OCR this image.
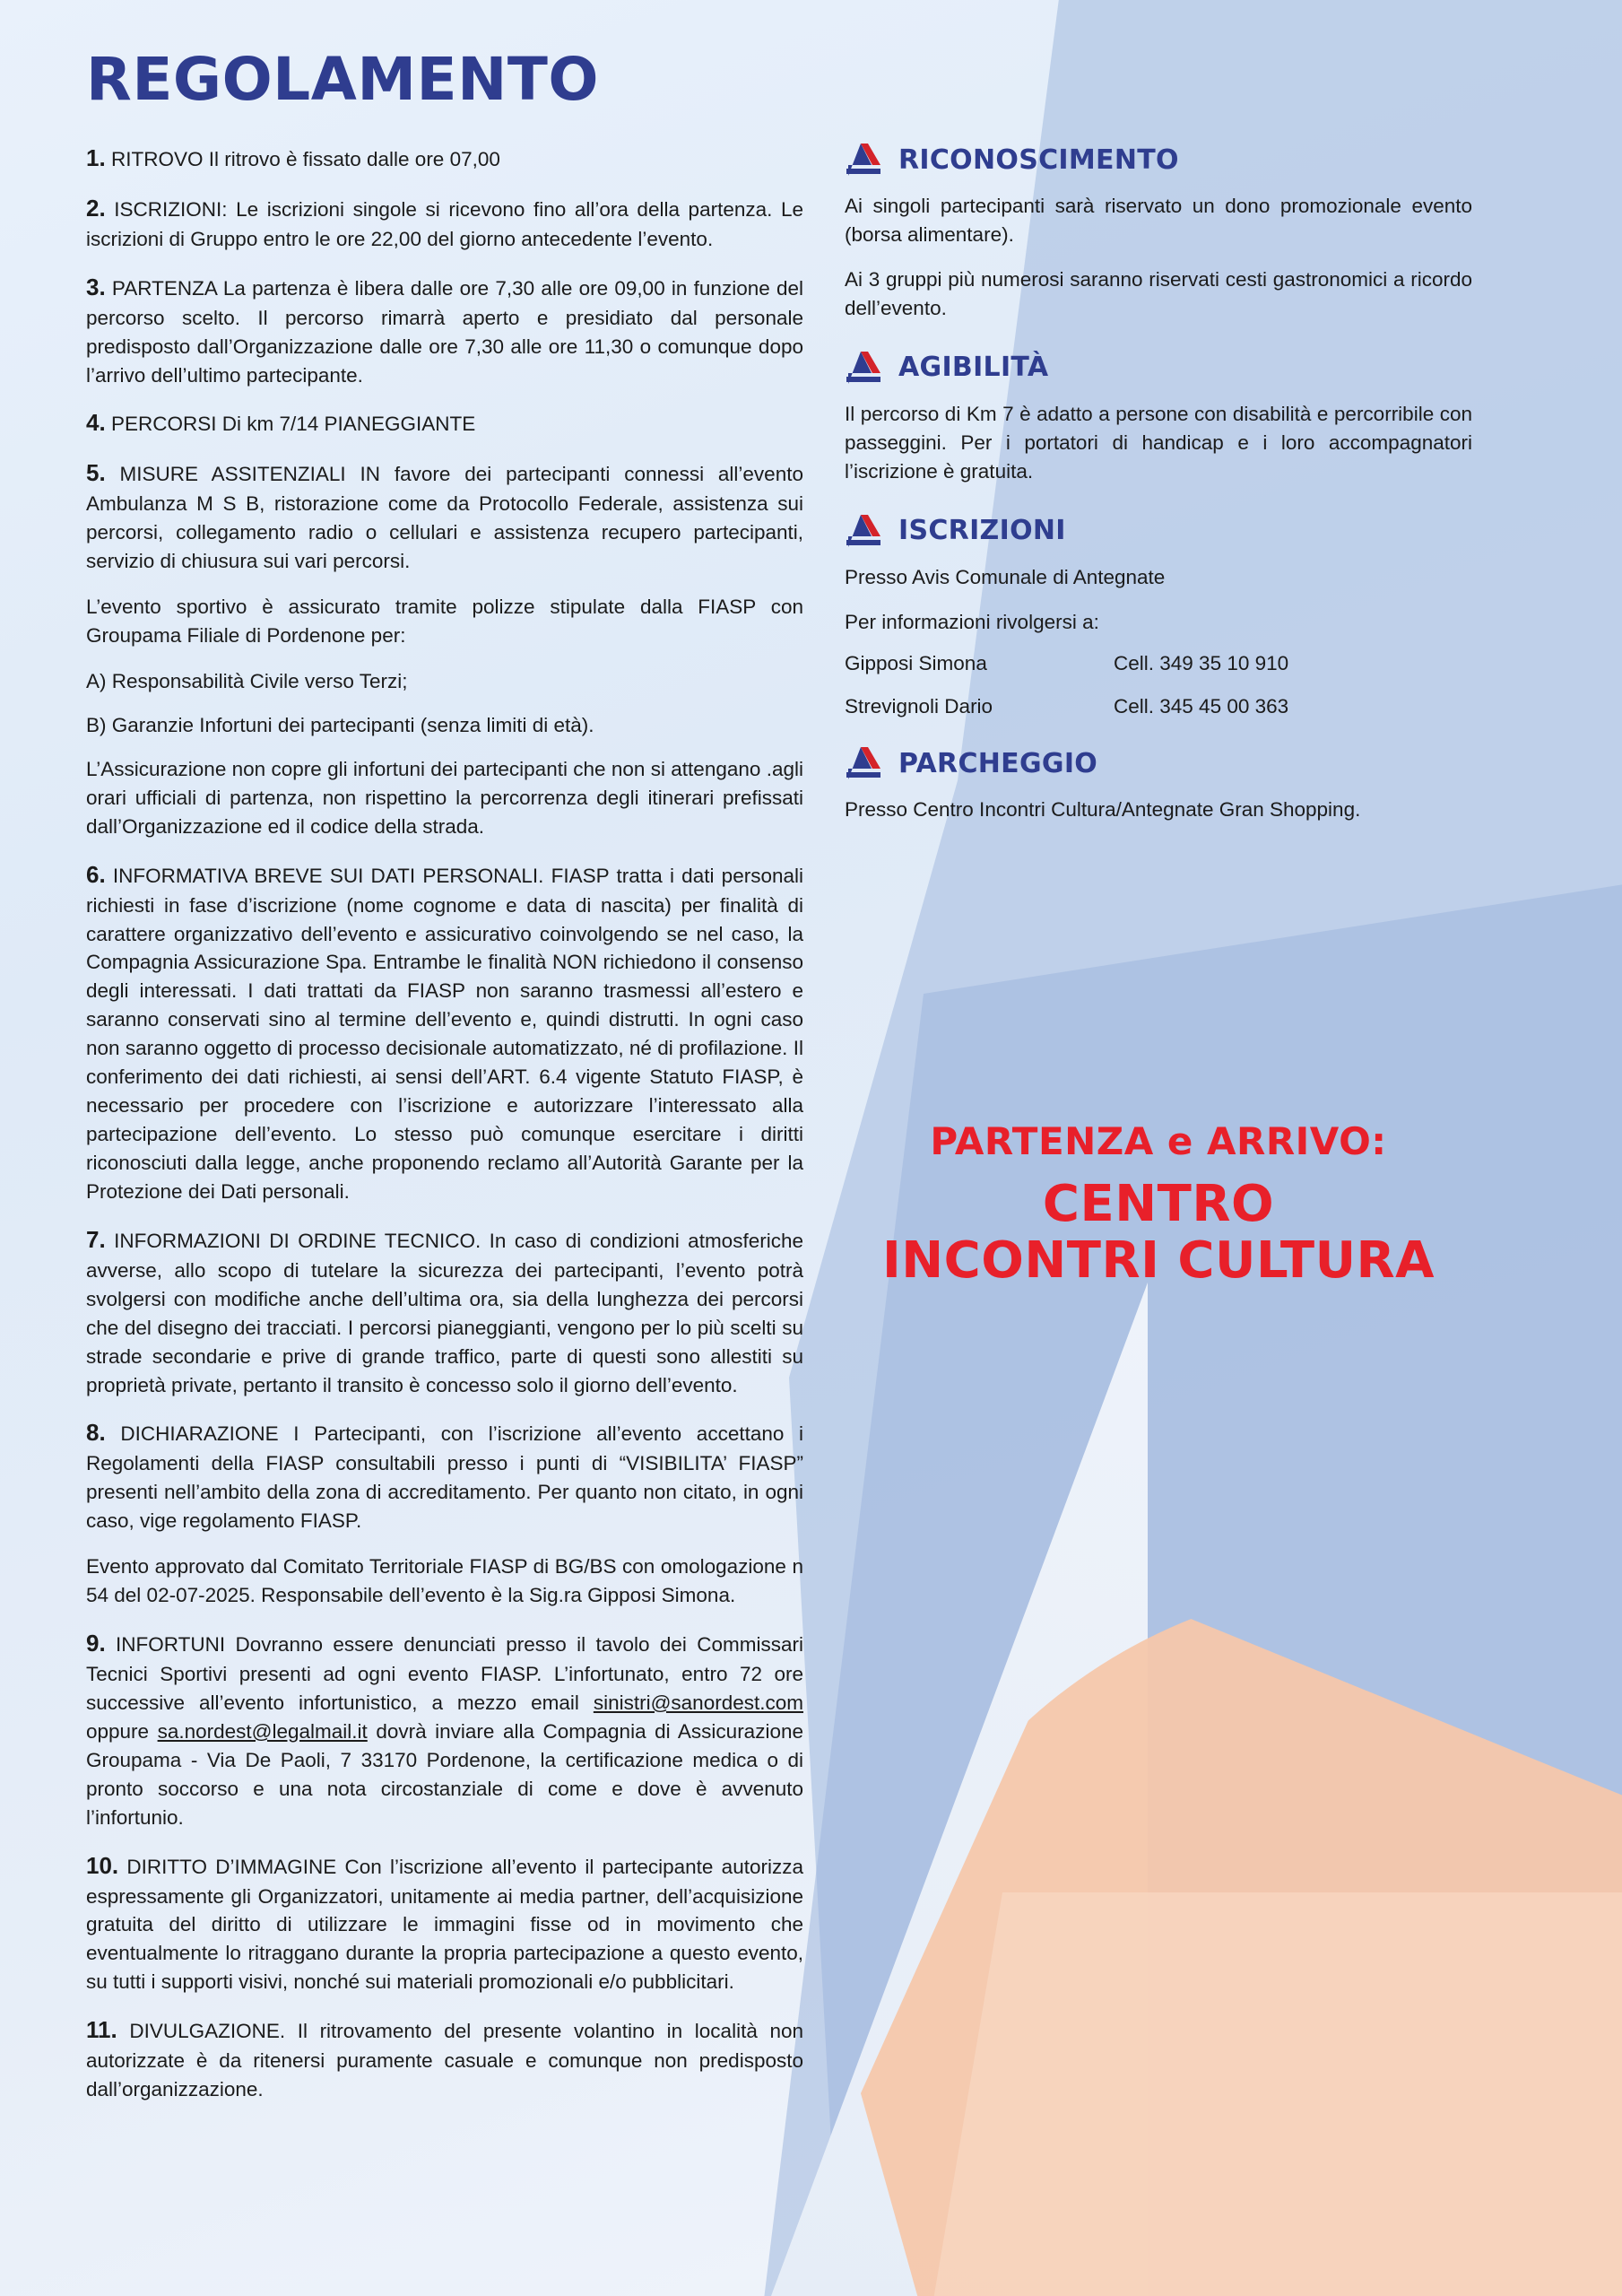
REGOLAMENTO
1. RITROVO Il ritrovo è fissato dalle ore 07,00
2. ISCRIZIONI: Le iscrizioni singole si ricevono fino all’ora della partenza. Le iscrizioni di Gruppo entro le ore 22,00 del giorno antecedente l’evento.
3. PARTENZA La partenza è libera dalle ore 7,30 alle ore 09,00 in funzione del percorso scelto. Il percorso rimarrà aperto e presidiato dal personale predisposto dall’Organizzazione dalle ore 7,30 alle ore 11,30 o comunque dopo l’arrivo dell’ultimo partecipante.
4. PERCORSI Di km 7/14 PIANEGGIANTE
5. MISURE ASSITENZIALI IN favore dei partecipanti connessi all’evento Ambulanza M S B, ristorazione come da Protocollo Federale, assistenza sui percorsi, collegamento radio o cellulari e assistenza recupero partecipanti, servizio di chiusura sui vari percorsi.
L’evento sportivo è assicurato tramite polizze stipulate dalla FIASP con Groupama Filiale di Pordenone per:
A) Responsabilità Civile verso Terzi;
B) Garanzie Infortuni dei partecipanti (senza limiti di età).
L’Assicurazione non copre gli infortuni dei partecipanti che non si attengano .agli orari ufficiali di partenza, non rispettino la percorrenza degli itinerari prefissati dall’Organizzazione ed il codice della strada.
6. INFORMATIVA BREVE SUI DATI PERSONALI. FIASP tratta i dati personali richiesti in fase d’iscrizione (nome cognome e data di nascita) per finalità di carattere organizzativo dell’evento e assicurativo coinvolgendo se nel caso, la Compagnia Assicurazione Spa. Entrambe le finalità NON richiedono il consenso degli interessati. I dati trattati da FIASP non saranno trasmessi all’estero e saranno conservati sino al termine dell’evento e, quindi distrutti. In ogni caso non saranno oggetto di processo decisionale automatizzato, né di profilazione. Il conferimento dei dati richiesti, ai sensi dell’ART. 6.4 vigente Statuto FIASP, è necessario per procedere con l’iscrizione e autorizzare l’interessato alla partecipazione dell’evento. Lo stesso può comunque esercitare i diritti riconosciuti dalla legge, anche proponendo reclamo all’Autorità Garante per la Protezione dei Dati personali.
7. INFORMAZIONI DI ORDINE TECNICO. In caso di condizioni atmosferiche avverse, allo scopo di tutelare la sicurezza dei partecipanti, l’evento potrà svolgersi con modifiche anche dell’ultima ora, sia della lunghezza dei percorsi che del disegno dei tracciati. I percorsi pianeggianti, vengono per lo più scelti su strade secondarie e prive di grande traffico, parte di questi sono allestiti su proprietà private, pertanto il transito è concesso solo il giorno dell’evento.
8. DICHIARAZIONE I Partecipanti, con l’iscrizione all’evento accettano i Regolamenti della FIASP consultabili presso i punti di “VISIBILITA’ FIASP” presenti nell’ambito della zona di accreditamento. Per quanto non citato, in ogni caso, vige regolamento FIASP.
Evento approvato dal Comitato Territoriale FIASP di BG/BS con omologazione n 54 del 02-07-2025. Responsabile dell’evento è la Sig.ra Gipposi Simona.
9. INFORTUNI Dovranno essere denunciati presso il tavolo dei Commissari Tecnici Sportivi presenti ad ogni evento FIASP. L’infortunato, entro 72 ore successive all’evento infortunistico, a mezzo email sinistri@sanordest.com oppure sa.nordest@legalmail.it dovrà inviare alla Compagnia di Assicurazione Groupama - Via De Paoli, 7 33170 Pordenone, la certificazione medica o di pronto soccorso e una nota circostanziale di come e dove è avvenuto l’infortunio.
10. DIRITTO D’IMMAGINE Con l’iscrizione all’evento il partecipante autorizza espressamente gli Organizzatori, unitamente ai media partner, dell’acquisizione gratuita del diritto di utilizzare le immagini fisse od in movimento che eventualmente lo ritraggano durante la propria partecipazione a questo evento, su tutti i supporti visivi, nonché sui materiali promozionali e/o pubblicitari.
11. DIVULGAZIONE. Il ritrovamento del presente volantino in località non autorizzate è da ritenersi puramente casuale e comunque non predisposto dall’organizzazione.
RICONOSCIMENTO

Ai singoli partecipanti sarà riservato un dono promozionale evento (borsa alimentare).

Ai 3 gruppi più numerosi saranno riservati cesti gastronomici a ricordo dell’evento.

AGIBILITÀ

Il percorso di Km 7 è adatto a persone con disabilità e percorribile con passeggini. Per i portatori di handicap e i loro accompagnatori l’iscrizione è gratuita.

ISCRIZIONI

Presso Avis Comunale di Antegnate

Per informazioni rivolgersi a:

Gipposi Simona	Cell. 349 35 10 910
Strevignoli Dario	Cell. 345 45 00 363
PARCHEGGIO

Presso Centro Incontri Cultura/Antegnate Gran Shopping.

PARTENZA e ARRIVO:
CENTRO
INCONTRI CULTURA
